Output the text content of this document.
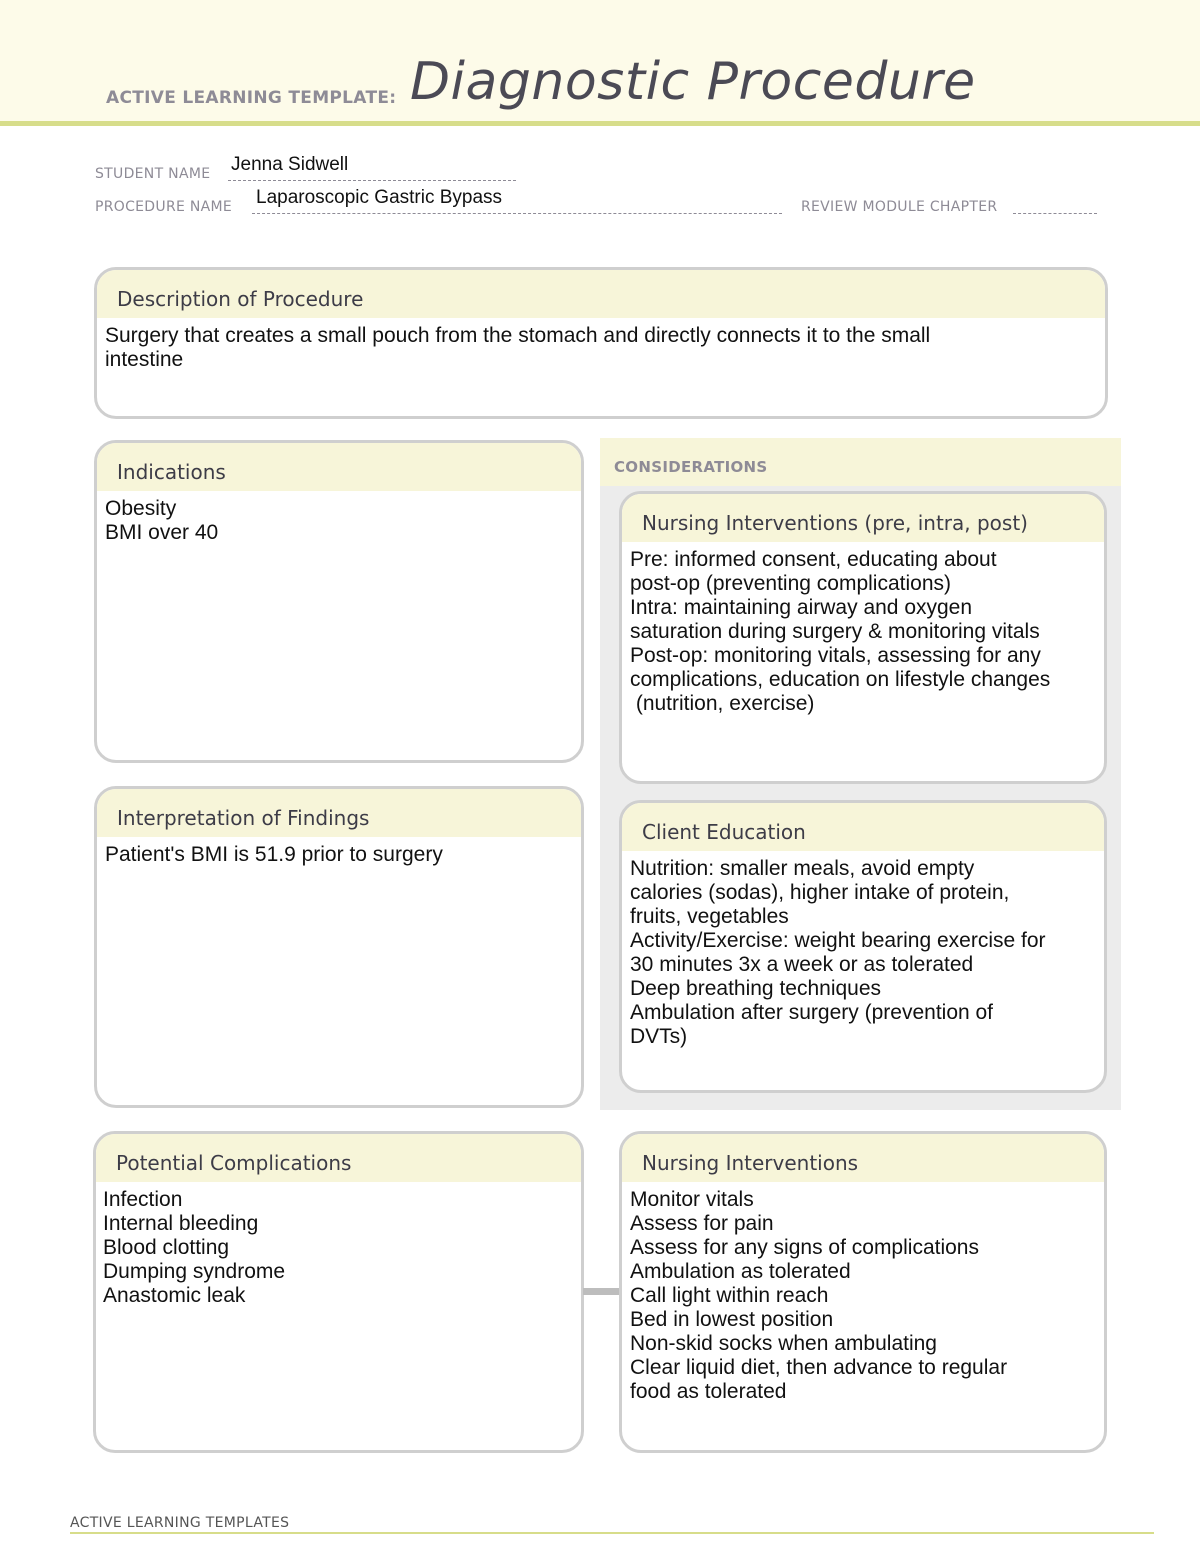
ACTIVE LEARNING TEMPLATE: Diagnostic Procedure
STUDENT NAME Jenna Sidwell
PROCEDURE NAME Laparoscopic Gastric Bypass	REVIEW MODULE CHAPTER
Description of Procedure
Surgery that creates a small pouch from the stomach and directly connects it to the small
intestine
Indications
Obesity
BMI over 40
Interpretation of Findings
Patient's BMI is 51.9 prior to surgery
CONSIDERATIONS
Nursing Interventions (pre, intra, post)
Pre: informed consent, educating about
post-op (preventing complications)
Intra: maintaining airway and oxygen
saturation during surgery & monitoring vitals
Post-op: monitoring vitals, assessing for any
complications, education on lifestyle changes
(nutrition, exercise)
Client Education
Nutrition: smaller meals, avoid empty
calories (sodas), higher intake of protein,
fruits, vegetables
Activity/Exercise: weight bearing exercise for
30 minutes 3x a week or as tolerated
Deep breathing techniques
Ambulation after surgery (prevention of
DVTs)
Potential Complications
Infection
Internal bleeding
Blood clotting
Dumping syndrome
Anastomic leak
Nursing Interventions
Monitor vitals
Assess for pain
Assess for any signs of complications
Ambulation as tolerated
Call light within reach
Bed in lowest position
Non-skid socks when ambulating
Clear liquid diet, then advance to regular
food as tolerated
ACTIVE LEARNING TEMPLATES
